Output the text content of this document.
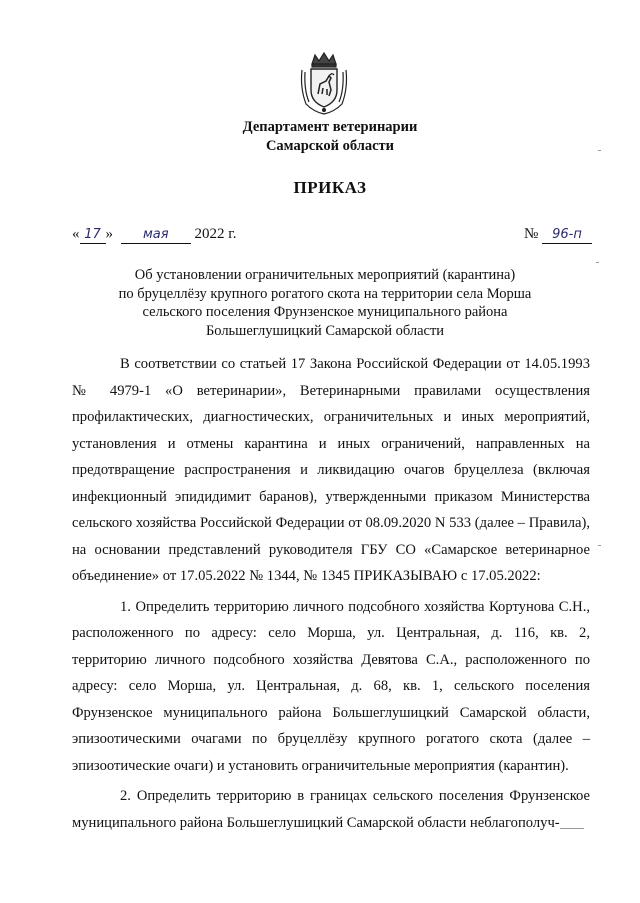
Департамент ветеринарии
Самарской области
ПРИКАЗ
« 17 » мая 2022 г.	№ 96-п
Об установлении ограничительных мероприятий (карантина)
по бруцеллёзу крупного рогатого скота на территории села Морша
сельского поселения Фрунзенское муниципального района
Большеглушицкий Самарской области

В соответствии со статьей 17 Закона Российской Федерации от 14.05.1993 № 4979-1 «О ветеринарии», Ветеринарными правилами осуществления профилактических, диагностических, ограничительных и иных мероприятий, установления и отмены карантина и иных ограничений, направленных на предотвращение распространения и ликвидацию очагов бруцеллеза (включая инфекционный эпидидимит баранов), утвержденными приказом Министерства сельского хозяйства Российской Федерации от 08.09.2020 N 533 (далее – Правила), на основании представлений руководителя ГБУ СО «Самарское ветеринарное объединение» от 17.05.2022 № 1344, № 1345 ПРИКАЗЫВАЮ с 17.05.2022:

1. Определить территорию личного подсобного хозяйства Кортунова С.Н., расположенного по адресу: село Морша, ул. Центральная, д. 116, кв. 2, территорию личного подсобного хозяйства Девятова С.А., расположенного по адресу: село Морша, ул. Центральная, д. 68, кв. 1, сельского поселения Фрунзенское муниципального района Большеглушицкий Самарской области, эпизоотическими очагами по бруцеллёзу крупного рогатого скота (далее – эпизоотические очаги) и установить ограничительные мероприятия (карантин).

2. Определить территорию в границах сельского поселения Фрунзенское муниципального района Большеглушицкий Самарской области неблагополуч-
